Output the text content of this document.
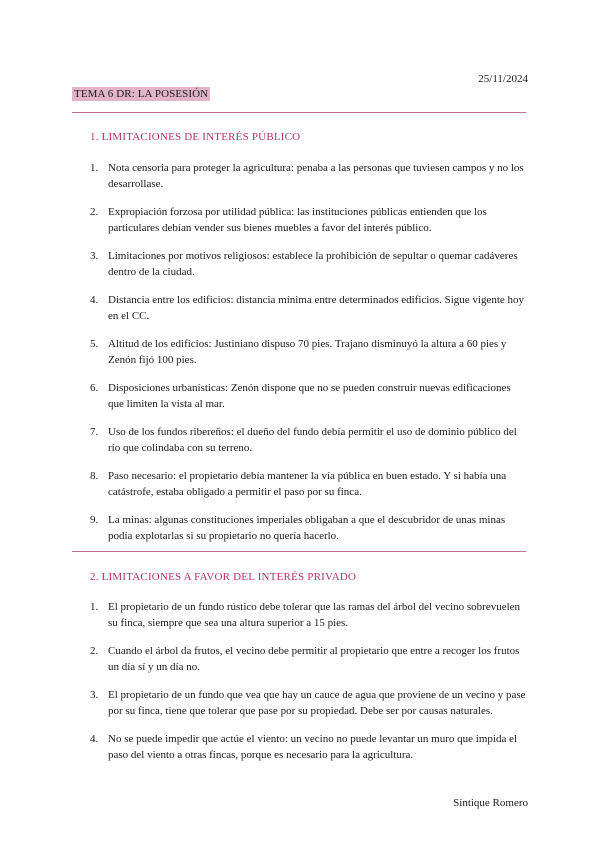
25/11/2024
TEMA 6 DR: LA POSESIÓN
1. LIMITACIONES DE INTERÉS PÚBLICO
1. Nota censoria para proteger la agricultura: penaba a las personas que tuviesen campos y no los desarrollase.
2. Expropiación forzosa por utilidad pública: las instituciones públicas entienden que los particulares debían vender sus bienes muebles a favor del interés público.
3. Limitaciones por motivos religiosos: establece la prohibición de sepultar o quemar cadáveres dentro de la ciudad.
4. Distancia entre los edificios: distancia mínima entre determinados edificios. Sigue vigente hoy en el CC.
5. Altitud de los edificios: Justiniano dispuso 70 pies. Trajano disminuyó la altura a 60 pies y Zenón fijó 100 pies.
6. Disposiciones urbanísticas: Zenón dispone que no se pueden construir nuevas edificaciones que limiten la vista al mar.
7. Uso de los fundos ribereños: el dueño del fundo debía permitir el uso de dominio público del río que colindaba con su terreno.
8. Paso necesario: el propietario debía mantener la vía pública en buen estado. Y si había una catástrofe, estaba obligado a permitir el paso por su finca.
9. La minas: algunas constituciones imperiales obligaban a que el descubridor de unas minas podía explotarlas si su propietario no quería hacerlo.
2. LIMITACIONES A FAVOR DEL INTERÉS PRIVADO
1. El propietario de un fundo rústico debe tolerar que las ramas del árbol del vecino sobrevuelen su finca, siempre que sea una altura superior a 15 pies.
2. Cuando el árbol da frutos, el vecino debe permitir al propietario que entre a recoger los frutos un día sí y un día no.
3. El propietario de un fundo que vea que hay un cauce de agua que proviene de un vecino y pase por su finca, tiene que tolerar que pase por su propiedad. Debe ser por causas naturales.
4. No se puede impedir que actúe el viento: un vecino no puede levantar un muro que impida el paso del viento a otras fincas, porque es necesario para la agricultura.
Síntique Romero
